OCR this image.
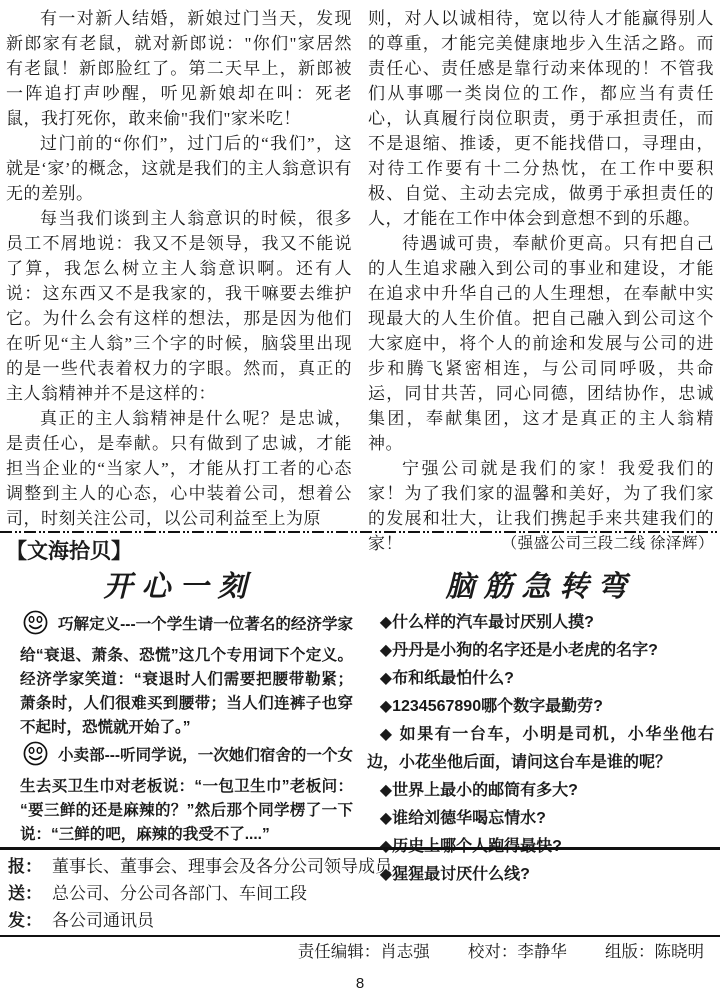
有一对新人结婚，新娘过门当天，发现新郎家有老鼠，就对新郎说："你们"家居然有老鼠！新郎脸红了。第二天早上，新郎被一阵追打声吵醒，听见新娘却在叫：死老鼠，我打死你，敢来偷"我们"家米吃！

过门前的“你们”，过门后的“我们”，这就是‘家’的概念，这就是我们的主人翁意识有无的差别。

每当我们谈到主人翁意识的时候，很多员工不屑地说：我又不是领导，我又不能说了算，我怎么树立主人翁意识啊。还有人说：这东西又不是我家的，我干嘛要去维护它。为什么会有这样的想法，那是因为他们在听见“主人翁”三个字的时候，脑袋里出现的是一些代表着权力的字眼。然而，真正的主人翁精神并不是这样的：

真正的主人翁精神是什么呢？是忠诚，是责任心，是奉献。只有做到了忠诚，才能担当企业的“当家人”，才能从打工者的心态调整到主人的心态，心中装着公司，想着公司，时刻关注公司，以公司利益至上为原

则，对人以诚相待，宽以待人才能赢得别人的尊重，才能完美健康地步入生活之路。而责任心、责任感是靠行动来体现的！不管我们从事哪一类岗位的工作，都应当有责任心，认真履行岗位职责，勇于承担责任，而不是退缩、推诿，更不能找借口，寻理由，对待工作要有十二分热忱，在工作中要积极、自觉、主动去完成，做勇于承担责任的人，才能在工作中体会到意想不到的乐趣。

待遇诚可贵，奉献价更高。只有把自己的人生追求融入到公司的事业和建设，才能在追求中升华自己的人生理想，在奉献中实现最大的人生价值。把自己融入到公司这个大家庭中，将个人的前途和发展与公司的进步和腾飞紧密相连，与公司同呼吸，共命运，同甘共苦，同心同德，团结协作，忠诚集团，奉献集团，这才是真正的主人翁精神。

宁强公司就是我们的家！我爱我们的家！为了我们家的温馨和美好，为了我们家的发展和壮大，让我们携起手来共建我们的家！	（强盛公司三段二线 徐泽辉）

【文海拾贝】
开心一刻

巧解定义---一个学生请一位著名的经济学家给“衰退、萧条、恐慌”这几个专用词下个定义。经济学家笑道：“衰退时人们需要把腰带勒紧；萧条时，人们很难买到腰带；当人们连裤子也穿不起时，恐慌就开始了。”

小卖部---听同学说，一次她们宿舍的一个女生去买卫生巾对老板说：“一包卫生巾”老板问：“要三鲜的还是麻辣的？”然后那个同学楞了一下说：“三鲜的吧，麻辣的我受不了....”

脑筋急转弯

◆什么样的汽车最讨厌别人摸?

◆丹丹是小狗的名字还是小老虎的名字?

◆布和纸最怕什么?

◆1234567890哪个数字最勤劳?

◆ 如果有一台车，小明是司机，小华坐他右边，小花坐他后面，请问这台车是谁的呢？

◆世界上最小的邮筒有多大?

◆谁给刘德华喝忘情水?

◆猩猩最讨厌什么线?

报： 董事长、董事会、理事会及各分公司领导成员
送： 总公司、分公司各部门、车间工段
发： 各公司通讯员
责任编辑：肖志强 校对：李静华 组版：陈晓明
8
